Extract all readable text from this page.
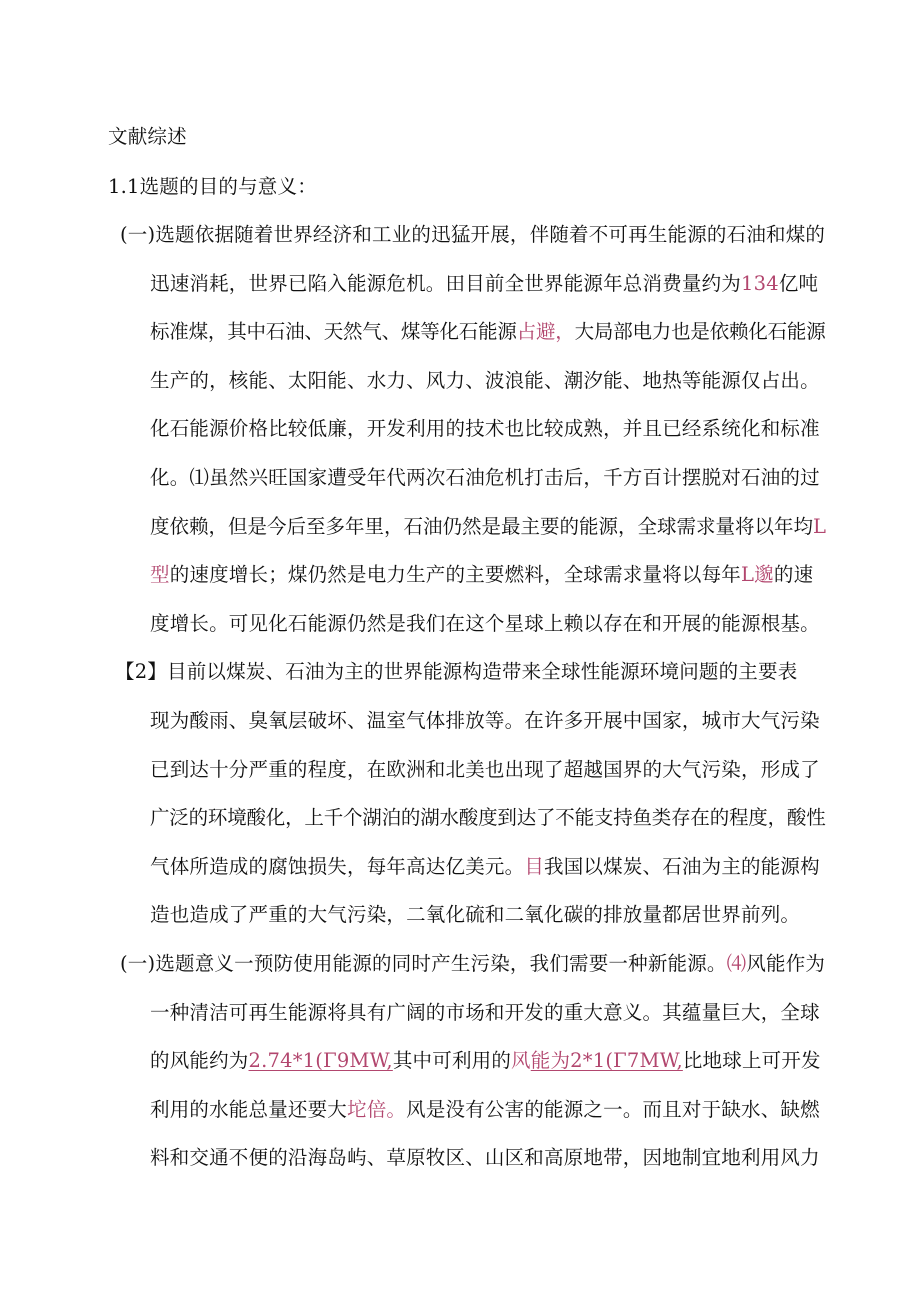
文献综述
1.1选题的目的与意义：
(一)选题依据随着世界经济和工业的迅猛开展，伴随着不可再生能源的石油和煤的
迅速消耗，世界已陷入能源危机。田目前全世界能源年总消费量约为134亿吨
标准煤，其中石油、天然气、煤等化石能源占避，大局部电力也是依赖化石能源
生产的，核能、太阳能、水力、风力、波浪能、潮汐能、地热等能源仅占出。
化石能源价格比较低廉，开发利用的技术也比较成熟，并且已经系统化和标准
化。⑴虽然兴旺国家遭受年代两次石油危机打击后，千方百计摆脱对石油的过
度依赖，但是今后至多年里，石油仍然是最主要的能源，全球需求量将以年均L
型的速度增长；煤仍然是电力生产的主要燃料，全球需求量将以每年L邈的速
度增长。可见化石能源仍然是我们在这个星球上赖以存在和开展的能源根基。
【2】目前以煤炭、石油为主的世界能源构造带来全球性能源环境问题的主要表
现为酸雨、臭氧层破坏、温室气体排放等。在许多开展中国家，城市大气污染
已到达十分严重的程度，在欧洲和北美也出现了超越国界的大气污染，形成了
广泛的环境酸化，上千个湖泊的湖水酸度到达了不能支持鱼类存在的程度，酸性
气体所造成的腐蚀损失，每年高达亿美元。目我国以煤炭、石油为主的能源构
造也造成了严重的大气污染，二氧化硫和二氧化碳的排放量都居世界前列。
(一)选题意义一预防使用能源的同时产生污染，我们需要一种新能源。⑷风能作为
一种清洁可再生能源将具有广阔的市场和开发的重大意义。其蕴量巨大，全球
的风能约为2.74*1(Γ9MW,其中可利用的风能为2*1(Γ7MW,比地球上可开发
利用的水能总量还要大坨倍。风是没有公害的能源之一。而且对于缺水、缺燃
料和交通不便的沿海岛屿、草原牧区、山区和高原地带，因地制宜地利用风力
